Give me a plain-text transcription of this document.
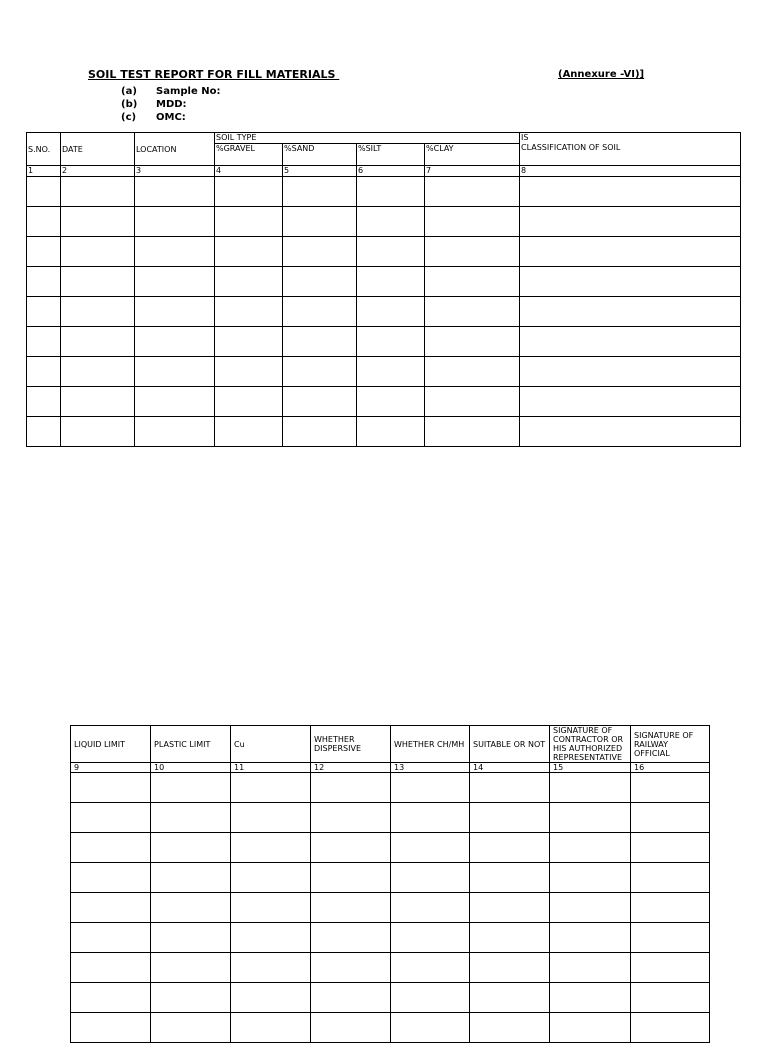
SOIL TEST REPORT FOR FILL MATERIALS	(Annexure -VI)]
(a) Sample No:
(b) MDD:
(c) OMC:
S.NO.	DATE	LOCATION	SOIL TYPE				IS
CLASSIFICATION OF SOIL

			%GRAVEL	%SAND	%SILT	%CLAY	
1	2	3	4	5	6	7	8

LIQUID LIMIT	PLASTIC LIMIT	Cu	WHETHER DISPERSIVE	WHETHER CH/MH	SUITABLE OR NOT	SIGNATURE OF CONTRACTOR OR HIS AUTHORIZED REPRESENTATIVE	SIGNATURE OF RAILWAY OFFICIAL
9	10	11	12	13	14	15	16
